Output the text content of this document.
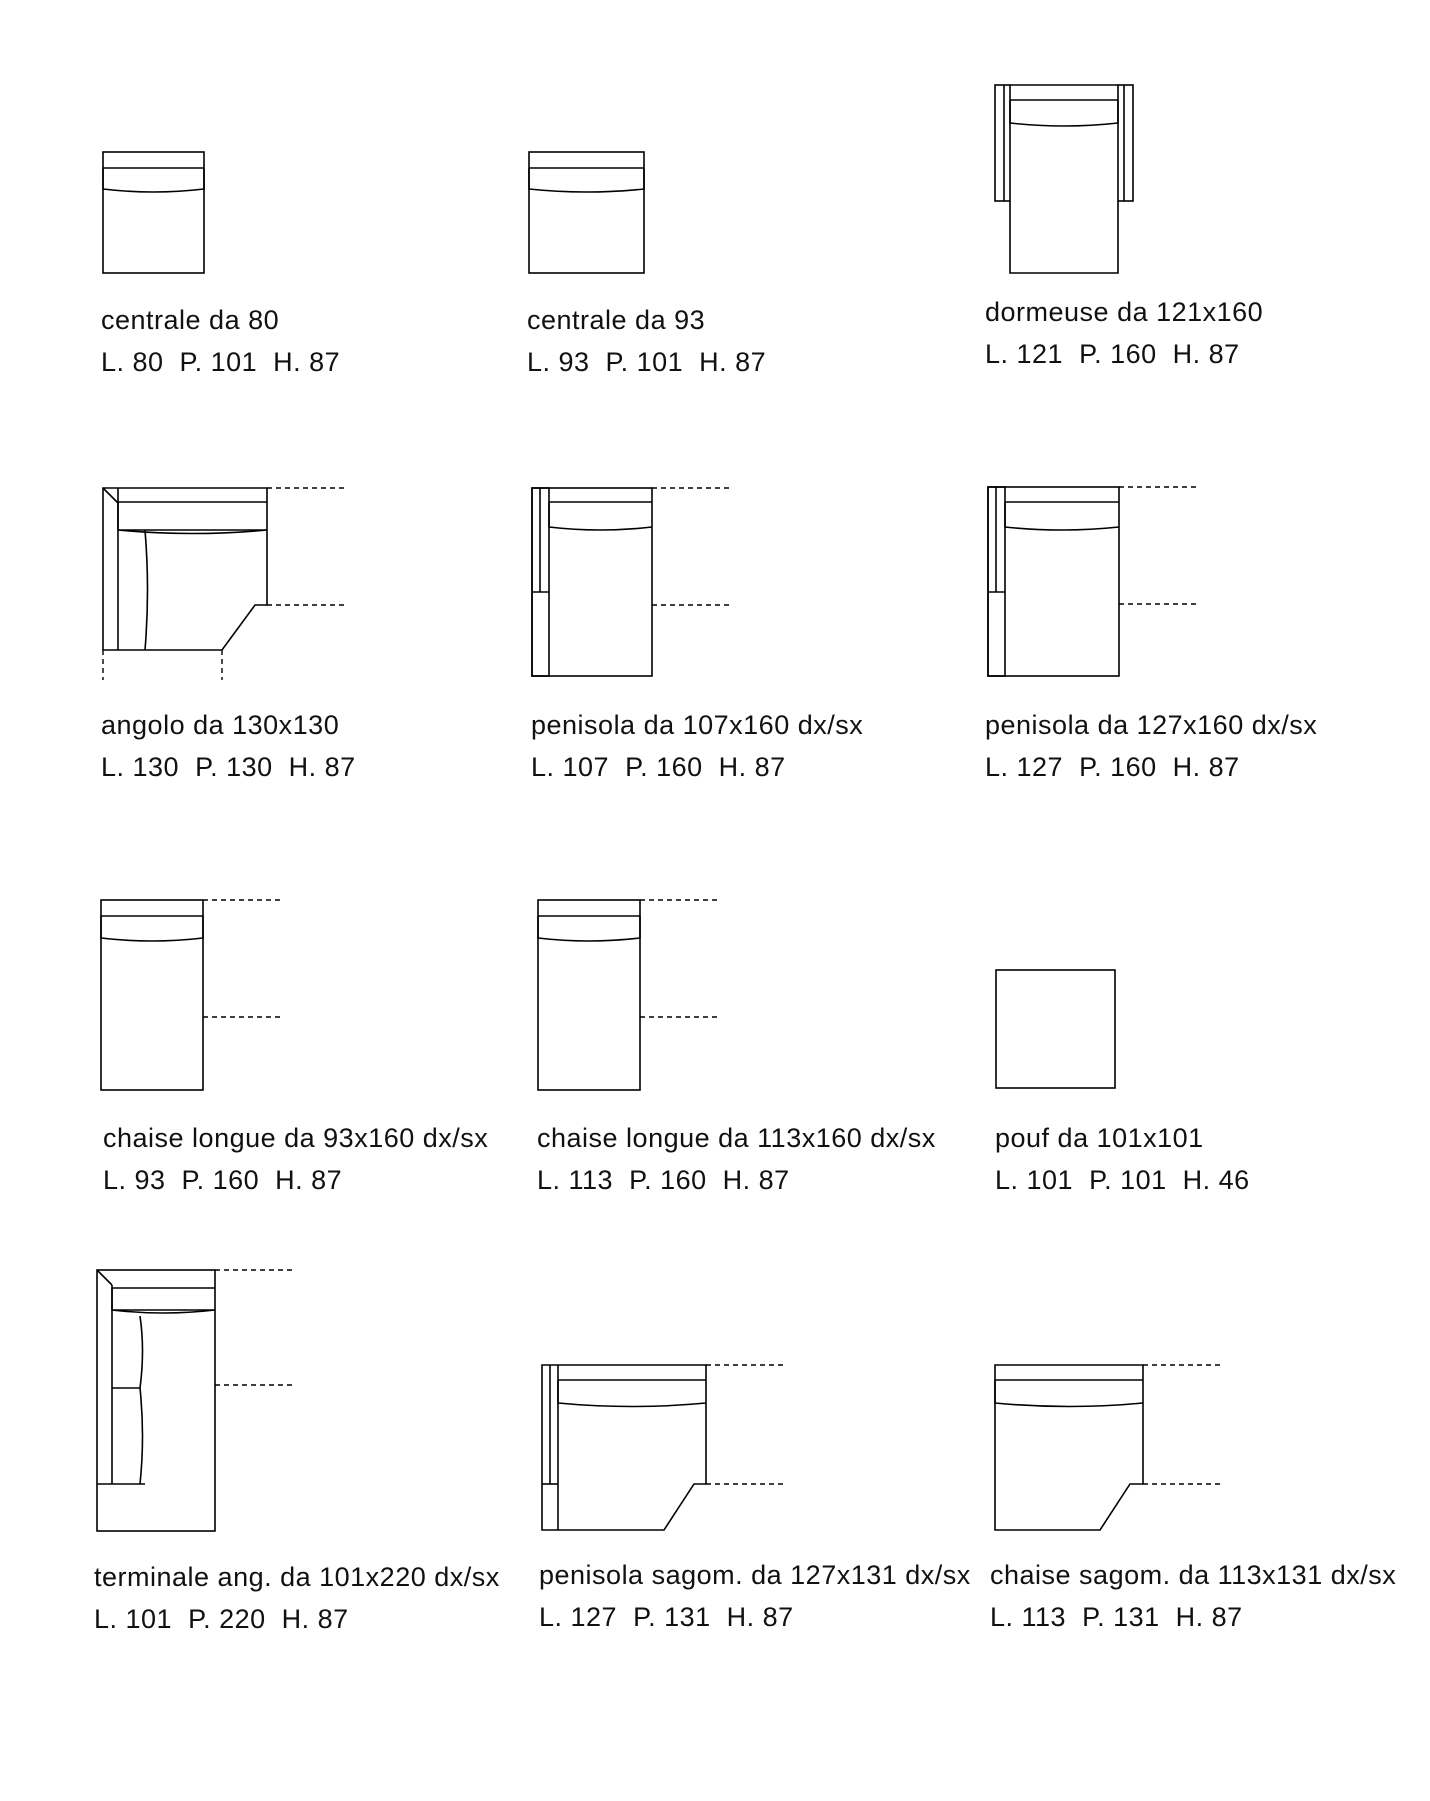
centrale da 80
L. 80  P. 101  H. 87
centrale da 93
L. 93  P. 101  H. 87
dormeuse da 121x160
L. 121  P. 160  H. 87
angolo da 130x130
L. 130  P. 130  H. 87
penisola da 107x160 dx/sx
L. 107  P. 160  H. 87
penisola da 127x160 dx/sx
L. 127  P. 160  H. 87
chaise longue da 93x160 dx/sx
L. 93  P. 160  H. 87
chaise longue da 113x160 dx/sx
L. 113  P. 160  H. 87
pouf da 101x101
L. 101  P. 101  H. 46
terminale ang. da 101x220 dx/sx
L. 101  P. 220  H. 87
penisola sagom. da 127x131 dx/sx
L. 127  P. 131  H. 87
chaise sagom. da 113x131 dx/sx
L. 113  P. 131  H. 87
